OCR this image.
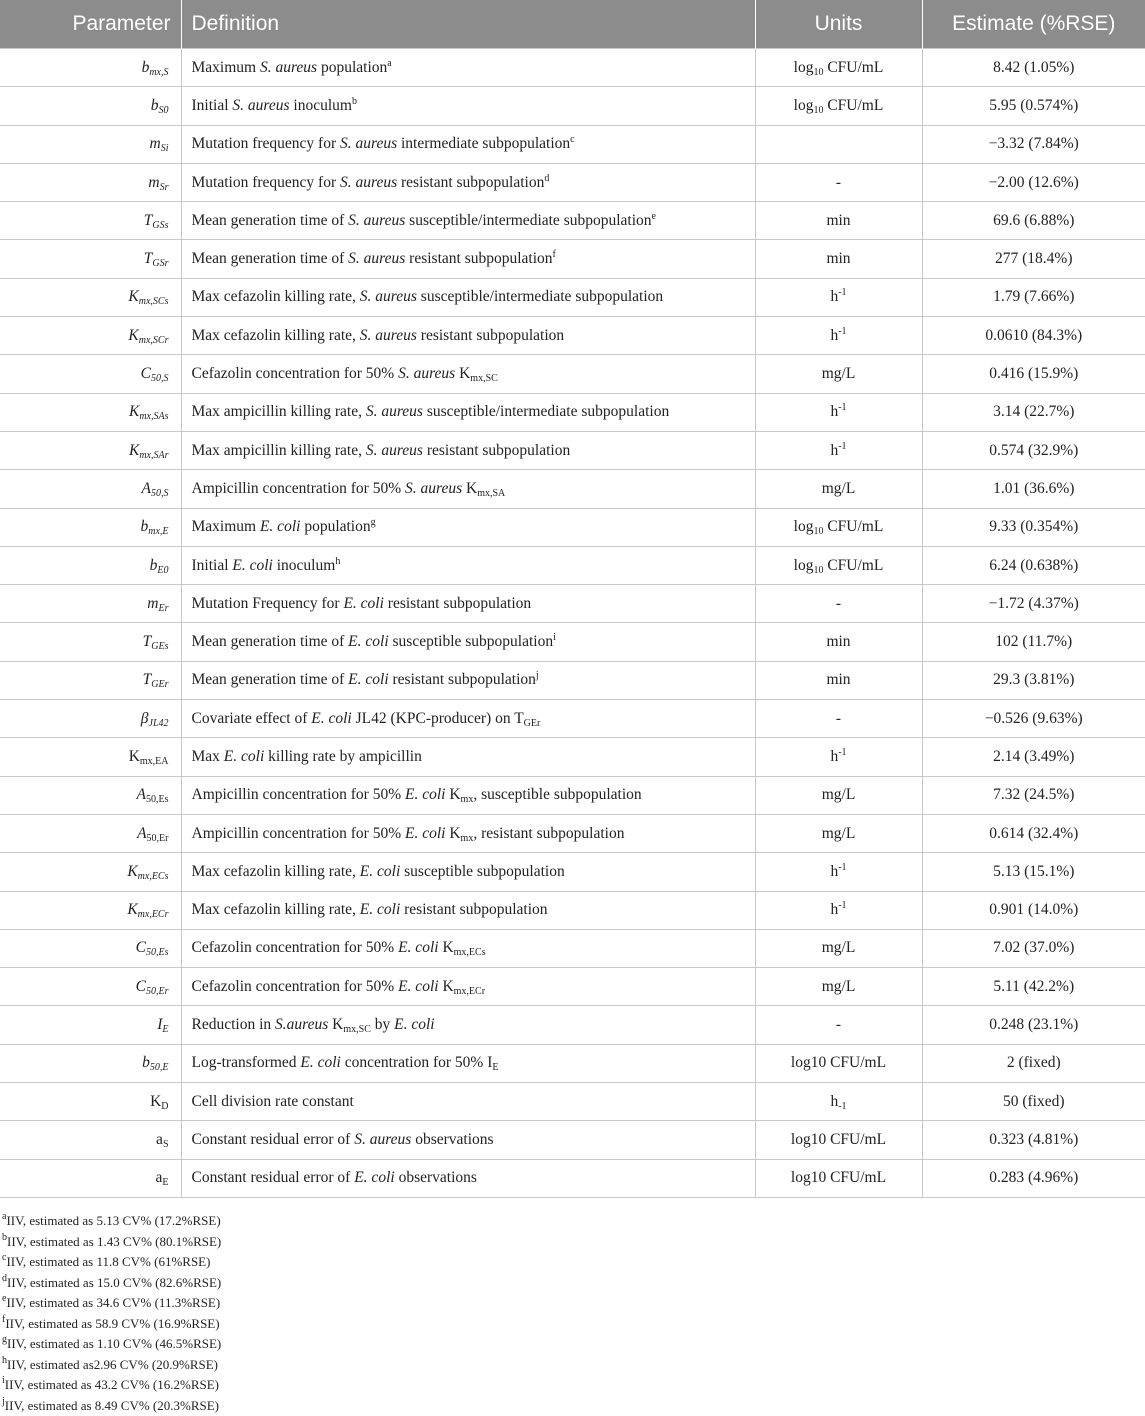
Parameter	Definition	Units	Estimate (%RSE)
$b_{mx,S}$	Maximum S. aureus population$^a$	$\log_{10} CFU/mL$	8.42 (1.05%)
$b_{S0}$	Initial S. aureus inoculum$^b$	$\log_{10} CFU/mL$	5.95 (0.574%)
$m_{Si}$	Mutation frequency for S. aureus intermediate subpopulation$^c$		−3.32 (7.84%)
$m_{Sr}$	Mutation frequency for S. aureus resistant subpopulation$^d$	-	−2.00 (12.6%)
$T_{GSs}$	Mean generation time of S. aureus susceptible/intermediate subpopulation$^e$	min	69.6 (6.88%)
$T_{GSr}$	Mean generation time of S. aureus resistant subpopulation$^f$	min	277 (18.4%)
$K_{mx,SCs}$	Max cefazolin killing rate, S. aureus susceptible/intermediate subpopulation	$h^{-1}$	1.79 (7.66%)
$K_{mx,SCr}$	Max cefazolin killing rate, S. aureus resistant subpopulation	$h^{-1}$	0.0610 (84.3%)
$C_{50,S}$	Cefazolin concentration for 50% S. aureus $K_{mx,SC}$	mg/L	0.416 (15.9%)
$K_{mx,SAs}$	Max ampicillin killing rate, S. aureus susceptible/intermediate subpopulation	$h^{-1}$	3.14 (22.7%)
$K_{mx,SAr}$	Max ampicillin killing rate, S. aureus resistant subpopulation	$h^{-1}$	0.574 (32.9%)
$A_{50,S}$	Ampicillin concentration for 50% S. aureus $K_{mx,SA}$	mg/L	1.01 (36.6%)
$b_{mx,E}$	Maximum E. coli population$^g$	$\log_{10} CFU/mL$	9.33 (0.354%)
$b_{E0}$	Initial E. coli inoculum$^h$	$\log_{10} CFU/mL$	6.24 (0.638%)
$m_{Er}$	Mutation Frequency for E. coli resistant subpopulation	-	−1.72 (4.37%)
$T_{GEs}$	Mean generation time of E. coli susceptible subpopulation$^i$	min	102 (11.7%)
$T_{GEr}$	Mean generation time of E. coli resistant subpopulation$^j$	min	29.3 (3.81%)
$\beta_{JL42}$	Covariate effect of E. coli JL42 (KPC-producer) on $T_{GEr}$	-	−0.526 (9.63%)
$K_{mx,EA}$	Max E. coli killing rate by ampicillin	$h^{-1}$	2.14 (3.49%)
$A_{50,Es}$	Ampicillin concentration for 50% E. coli $K_{mx}$, susceptible subpopulation	mg/L	7.32 (24.5%)
$A_{50,Er}$	Ampicillin concentration for 50% E. coli $K_{mx}$, resistant subpopulation	mg/L	0.614 (32.4%)
$K_{mx,ECs}$	Max cefazolin killing rate, E. coli susceptible subpopulation	$h^{-1}$	5.13 (15.1%)
$K_{mx,ECr}$	Max cefazolin killing rate, E. coli resistant subpopulation	$h^{-1}$	0.901 (14.0%)
$C_{50,Es}$	Cefazolin concentration for 50% E. coli $K_{mx,ECs}$	mg/L	7.02 (37.0%)
$C_{50,Er}$	Cefazolin concentration for 50% E. coli $K_{mx,ECr}$	mg/L	5.11 (42.2%)
$I_E$	Reduction in S.aureus $K_{mx,SC}$ by E. coli	-	0.248 (23.1%)
$b_{50,E}$	Log-transformed E. coli concentration for 50% $I_E$	log10 CFU/mL	2 (fixed)
$K_D$	Cell division rate constant	$h_{-1}$	50 (fixed)
$a_S$	Constant residual error of S. aureus observations	log10 CFU/mL	0.323 (4.81%)
$a_E$	Constant residual error of E. coli observations	log10 CFU/mL	0.283 (4.96%)
$^a$IIV, estimated as 5.13 CV% (17.2%RSE)
$^b$IIV, estimated as 1.43 CV% (80.1%RSE)
$^c$IIV, estimated as 11.8 CV% (61%RSE)
$^d$IIV, estimated as 15.0 CV% (82.6%RSE)
$^e$IIV, estimated as 34.6 CV% (11.3%RSE)
$^f$IIV, estimated as 58.9 CV% (16.9%RSE)
$^g$IIV, estimated as 1.10 CV% (46.5%RSE)
$^h$IIV, estimated as2.96 CV% (20.9%RSE)
$^i$IIV, estimated as 43.2 CV% (16.2%RSE)
$^j$IIV, estimated as 8.49 CV% (20.3%RSE)
